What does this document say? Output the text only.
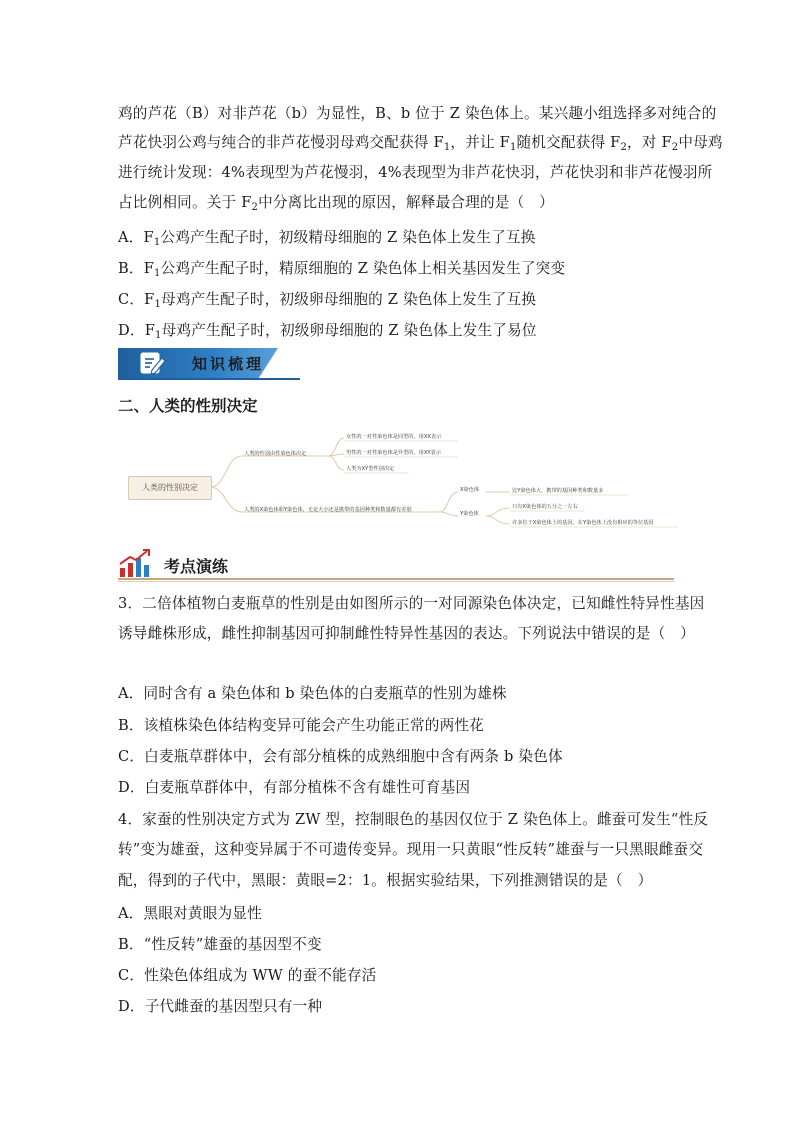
鸡的芦花（B）对非芦花（b）为显性，B、b 位于 Z 染色体上。某兴趣小组选择多对纯合的
芦花快羽公鸡与纯合的非芦花慢羽母鸡交配获得 $F_1$，并让 $F_1$随机交配获得 $F_2$，对 $F_2$中母鸡
进行统计发现：4%表现型为芦花慢羽，4%表现型为非芦花快羽，芦花快羽和非芦花慢羽所
占比例相同。关于 $F_2$中分离比出现的原因，解释最合理的是（　）
A．$F_1$公鸡产生配子时，初级精母细胞的 Z 染色体上发生了互换
B．$F_1$公鸡产生配子时，精原细胞的 Z 染色体上相关基因发生了突变
C．$F_1$母鸡产生配子时，初级卵母细胞的 Z 染色体上发生了互换
D．$F_1$母鸡产生配子时，初级卵母细胞的 Z 染色体上发生了易位
知识梳理
二、人类的性别决定
人类的性别决定
人类的性别由性染色体决定
女性的一对性染色体是同型的，用XX表示
男性的一对性染色体是异型的，用XY表示
人类为XY型性别决定
人类的X染色体和Y染色体，无论大小还是携带的基因种类和数量都有差别
X染色体
Y染色体
比Y染色体大，携带的基因种类和数量多
只有X染色体的五分之一左右
许多位于X染色体上的基因，在Y染色体上没有相应的等位基因
考点演练
3．二倍体植物白麦瓶草的性别是由如图所示的一对同源染色体决定，已知雌性特异性基因
诱导雌株形成，雌性抑制基因可抑制雌性特异性基因的表达。下列说法中错误的是（　）
A．同时含有 a 染色体和 b 染色体的白麦瓶草的性别为雄株
B．该植株染色体结构变异可能会产生功能正常的两性花
C．白麦瓶草群体中，会有部分植株的成熟细胞中含有两条 b 染色体
D．白麦瓶草群体中，有部分植株不含有雄性可育基因
4．家蚕的性别决定方式为 ZW 型，控制眼色的基因仅位于 Z 染色体上。雌蚕可发生“性反
转”变为雄蚕，这种变异属于不可遗传变异。现用一只黄眼“性反转”雄蚕与一只黑眼雌蚕交
配，得到的子代中，黑眼：黄眼=2：1。根据实验结果，下列推测错误的是（　）
A．黑眼对黄眼为显性
B．“性反转”雄蚕的基因型不变
C．性染色体组成为 WW 的蚕不能存活
D．子代雌蚕的基因型只有一种
